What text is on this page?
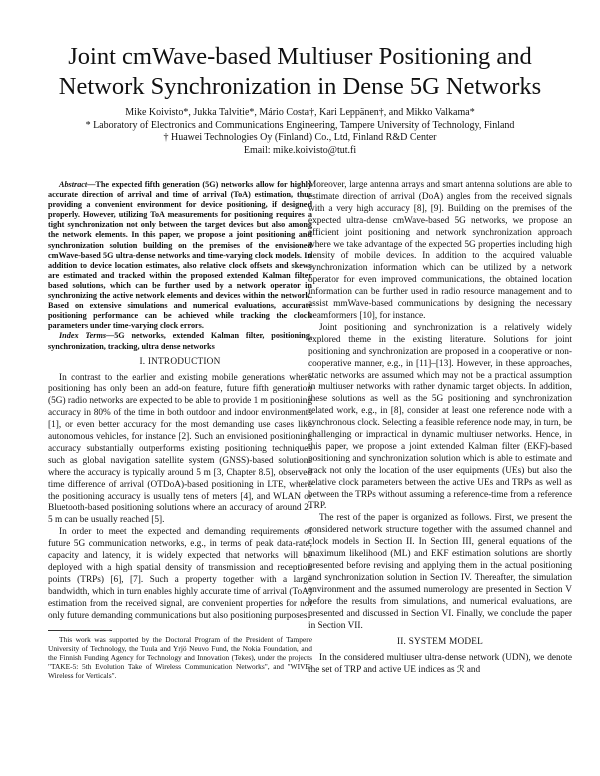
Joint cmWave-based Multiuser Positioning and
Network Synchronization in Dense 5G Networks
Mike Koivisto*, Jukka Talvitie*, Mário Costa†, Kari Leppänen†, and Mikko Valkama*
* Laboratory of Electronics and Communications Engineering, Tampere University of Technology, Finland
† Huawei Technologies Oy (Finland) Co., Ltd, Finland R&D Center
Email: mike.koivisto@tut.fi

Abstract—The expected fifth generation (5G) networks allow for highly accurate direction of arrival and time of arrival (ToA) estimation, thus providing a convenient environment for device positioning, if designed properly. However, utilizing ToA measurements for positioning requires a tight synchronization not only between the target devices but also among the network elements. In this paper, we propose a joint positioning and synchronization solution building on the premises of the envisioned cmWave-based 5G ultra-dense networks and time-varying clock models. In addition to device location estimates, also relative clock offsets and skews are estimated and tracked within the proposed extended Kalman filter based solutions, which can be further used by a network operator in synchronizing the active network elements and devices within the network. Based on extensive simulations and numerical evaluations, accurate positioning performance can be achieved while tracking the clock parameters under time-varying clock errors.

Index Terms—5G networks, extended Kalman filter, positioning, synchronization, tracking, ultra dense networks

I. INTRODUCTION

In contrast to the earlier and existing mobile generations where positioning has only been an add-on feature, future fifth generation (5G) radio networks are expected to be able to provide 1 m positioning accuracy in 80% of the time in both outdoor and indoor environments [1], or even better accuracy for the most demanding use cases like autonomous vehicles, for instance [2]. Such an envisioned positioning accuracy substantially outperforms existing positioning techniques such as global navigation satellite system (GNSS)-based solutions where the accuracy is typically around 5 m [3, Chapter 8.5], observed time difference of arrival (OTDoA)-based positioning in LTE, where the positioning accuracy is usually tens of meters [4], and WLAN or Bluetooth-based positioning solutions where an accuracy of around 2-5 m can be usually reached [5].

In order to meet the expected and demanding requirements of future 5G communication networks, e.g., in terms of peak data-rate, capacity and latency, it is widely expected that networks will be deployed with a high spatial density of transmission and reception points (TRPs) [6], [7]. Such a property together with a large bandwidth, which in turn enables highly accurate time of arrival (ToA) estimation from the received signal, are convenient properties for not only future demanding communications but also positioning purposes.

This work was supported by the Doctoral Program of the President of Tampere University of Technology, the Tuula and Yrjö Neuvo Fund, the Nokia Foundation, and the Finnish Funding Agency for Technology and Innovation (Tekes), under the projects "TAKE-5: 5th Evolution Take of Wireless Communication Networks", and "WIVE: Wireless for Verticals".

Moreover, large antenna arrays and smart antenna solutions are able to estimate direction of arrival (DoA) angles from the received signals with a very high accuracy [8], [9]. Building on the premises of the expected ultra-dense cmWave-based 5G networks, we propose an efficient joint positioning and network synchronization approach where we take advantage of the expected 5G properties including high density of mobile devices. In addition to the acquired valuable synchronization information which can be utilized by a network operator for even improved communications, the obtained location information can be further used in radio resource management and to assist mmWave-based communications by designing the necessary beamformers [10], for instance.

Joint positioning and synchronization is a relatively widely explored theme in the existing literature. Solutions for joint positioning and synchronization are proposed in a cooperative or non-cooperative manner, e.g., in [11]–[13]. However, in these approaches, static networks are assumed which may not be a practical assumption in multiuser networks with rather dynamic target objects. In addition, these solutions as well as the 5G positioning and synchronization related work, e.g., in [8], consider at least one reference node with a synchronous clock. Selecting a feasible reference node may, in turn, be challenging or impractical in dynamic multiuser networks. Hence, in this paper, we propose a joint extended Kalman filter (EKF)-based positioning and synchronization solution which is able to estimate and track not only the location of the user equipments (UEs) but also the relative clock parameters between the active UEs and TRPs as well as between the TRPs without assuming a reference-time from a reference TRP.

The rest of the paper is organized as follows. First, we present the considered network structure together with the assumed channel and clock models in Section II. In Section III, general equations of the maximum likelihood (ML) and EKF estimation solutions are shortly presented before revising and applying them in the actual positioning and synchronization solution in Section IV. Thereafter, the simulation environment and the assumed numerology are presented in Section V before the results from simulations, and numerical evaluations, are presented and discussed in Section VI. Finally, we conclude the paper in Section VII.

II. SYSTEM MODEL

In the considered multiuser ultra-dense network (UDN), we denote the set of TRP and active UE indices as ℛ and
